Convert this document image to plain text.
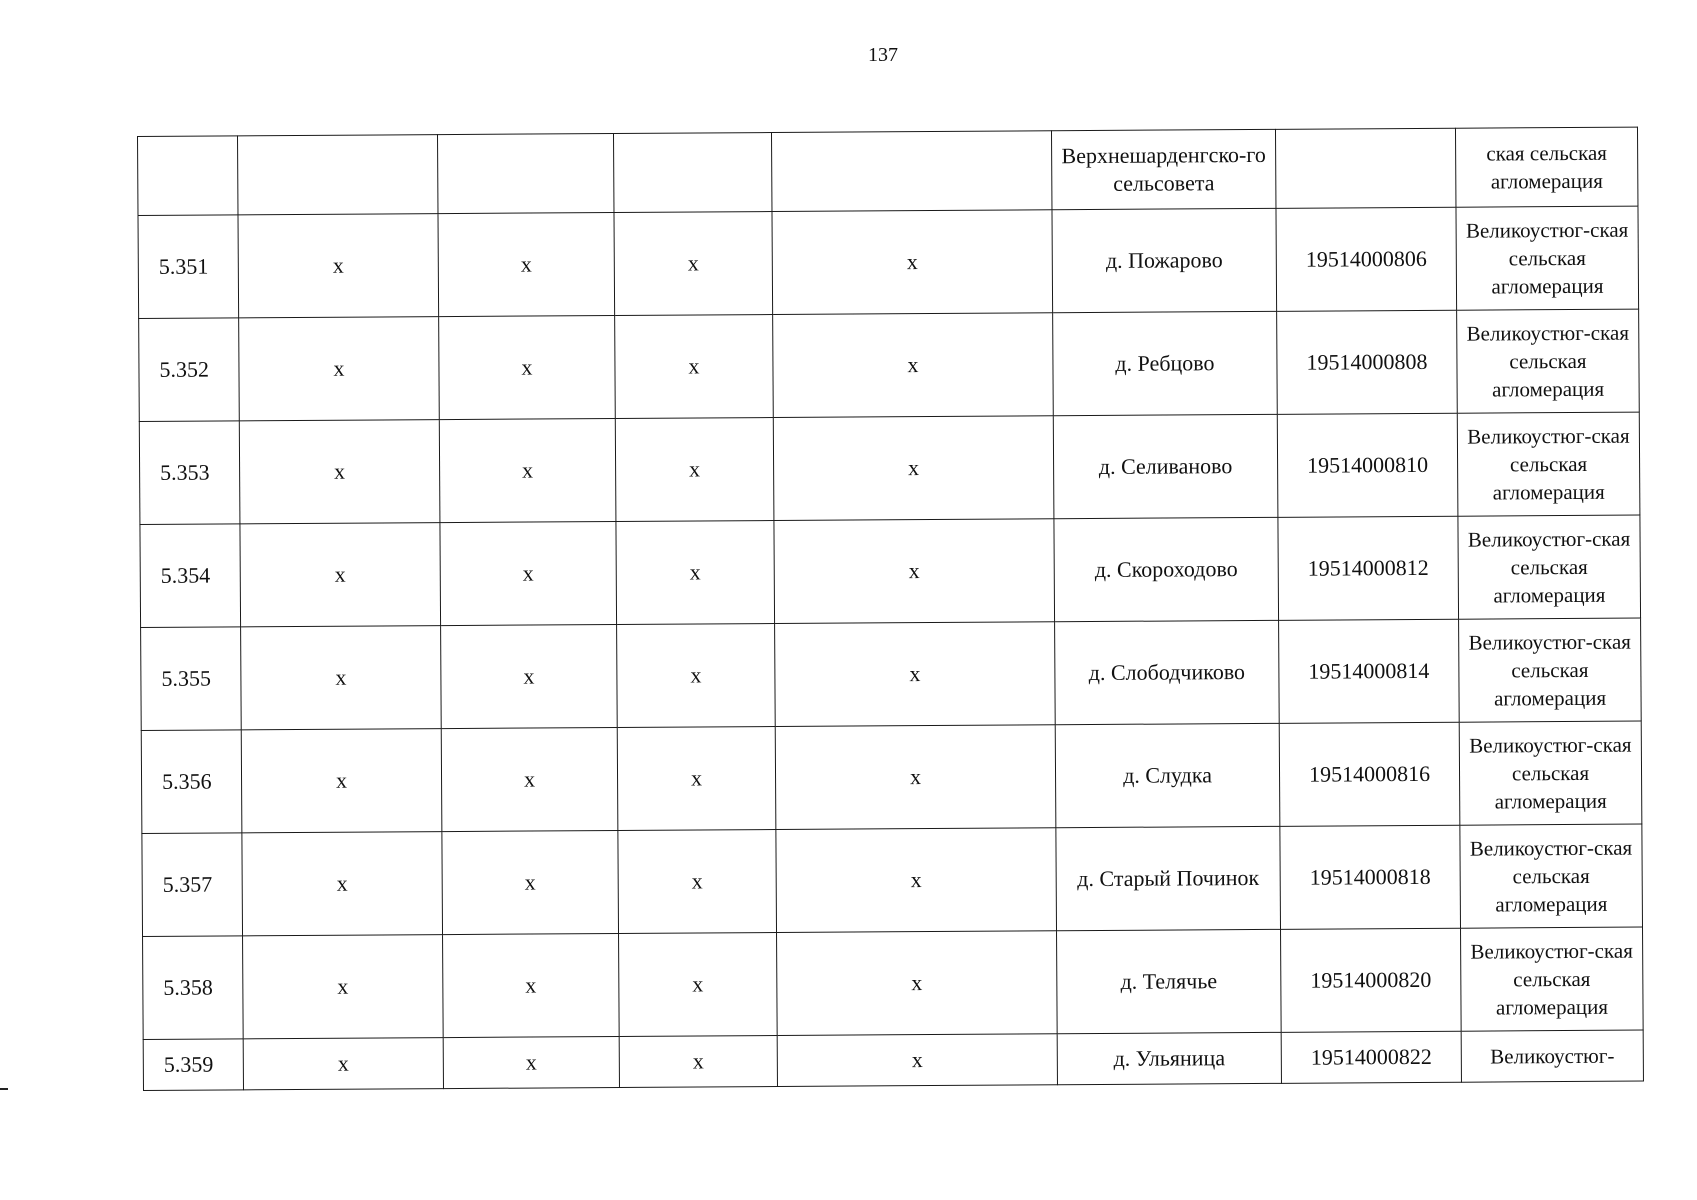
137
					Верхнешарденгско-го сельсовета		ская сельская агломерация
5.351	x	x	x	x	д. Пожарово	19514000806	Великоустюг-ская сельская агломерация
5.352	x	x	x	x	д. Ребцово	19514000808	Великоустюг-ская сельская агломерация
5.353	x	x	x	x	д. Селиваново	19514000810	Великоустюг-ская сельская агломерация
5.354	x	x	x	x	д. Скороходово	19514000812	Великоустюг-ская сельская агломерация
5.355	x	x	x	x	д. Слободчиково	19514000814	Великоустюг-ская сельская агломерация
5.356	x	x	x	x	д. Слудка	19514000816	Великоустюг-ская сельская агломерация
5.357	x	x	x	x	д. Старый Починок	19514000818	Великоустюг-ская сельская агломерация
5.358	x	x	x	x	д. Телячье	19514000820	Великоустюг-ская сельская агломерация
5.359	x	x	x	x	д. Ульяница	19514000822	Великоустюг-
